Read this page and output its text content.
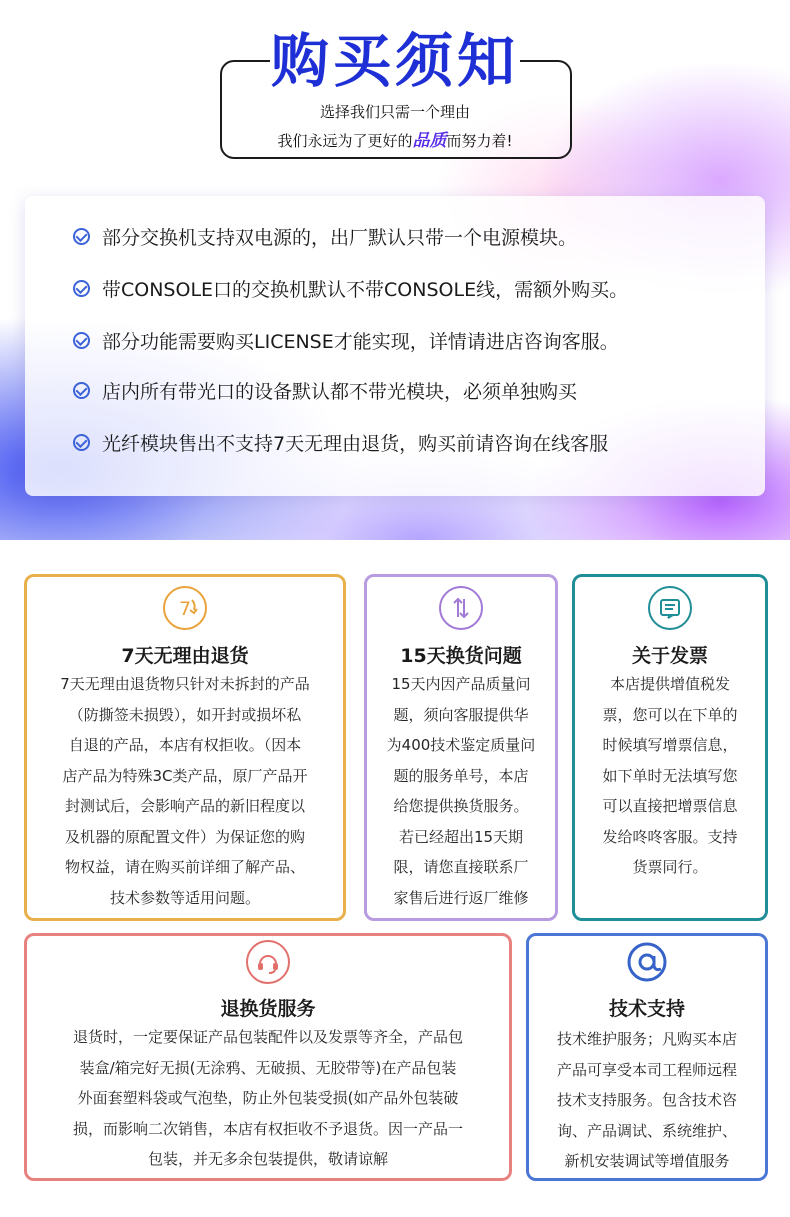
购买须知
选择我们只需一个理由
我们永远为了更好的品质而努力着!
部分交换机支持双电源的，出厂默认只带一个电源模块。
带CONSOLE口的交换机默认不带CONSOLE线，需额外购买。
部分功能需要购买LICENSE才能实现，详情请进店咨询客服。
店内所有带光口的设备默认都不带光模块，必须单独购买
光纤模块售出不支持7天无理由退货，购买前请咨询在线客服
7
7天无理由退货

7天无理由退货物只针对未拆封的产品

（防撕签未损毁），如开封或损坏私

自退的产品，本店有权拒收。（因本

店产品为特殊3C类产品，原厂产品开

封测试后，会影响产品的新旧程度以

及机器的原配置文件）为保证您的购

物权益，请在购买前详细了解产品、

技术参数等适用问题。

15天换货问题

15天内因产品质量问

题，须向客服提供华

为400技术鉴定质量问

题的服务单号，本店

给您提供换货服务。

若已经超出15天期

限，请您直接联系厂

家售后进行返厂维修

关于发票

本店提供增值税发

票，您可以在下单的

时候填写增票信息，

如下单时无法填写您

可以直接把增票信息

发给咚咚客服。支持

货票同行。

退换货服务

退货时，一定要保证产品包装配件以及发票等齐全，产品包

装盒/箱完好无损(无涂鸦、无破损、无胶带等)在产品包装

外面套塑料袋或气泡垫，防止外包装受损(如产品外包装破

损，而影响二次销售，本店有权拒收不予退货。因一产品一

包装，并无多余包装提供，敬请谅解

技术支持

技术维护服务；凡购买本店

产品可享受本司工程师远程

技术支持服务。包含技术咨

询、产品调试、系统维护、

新机安装调试等增值服务
